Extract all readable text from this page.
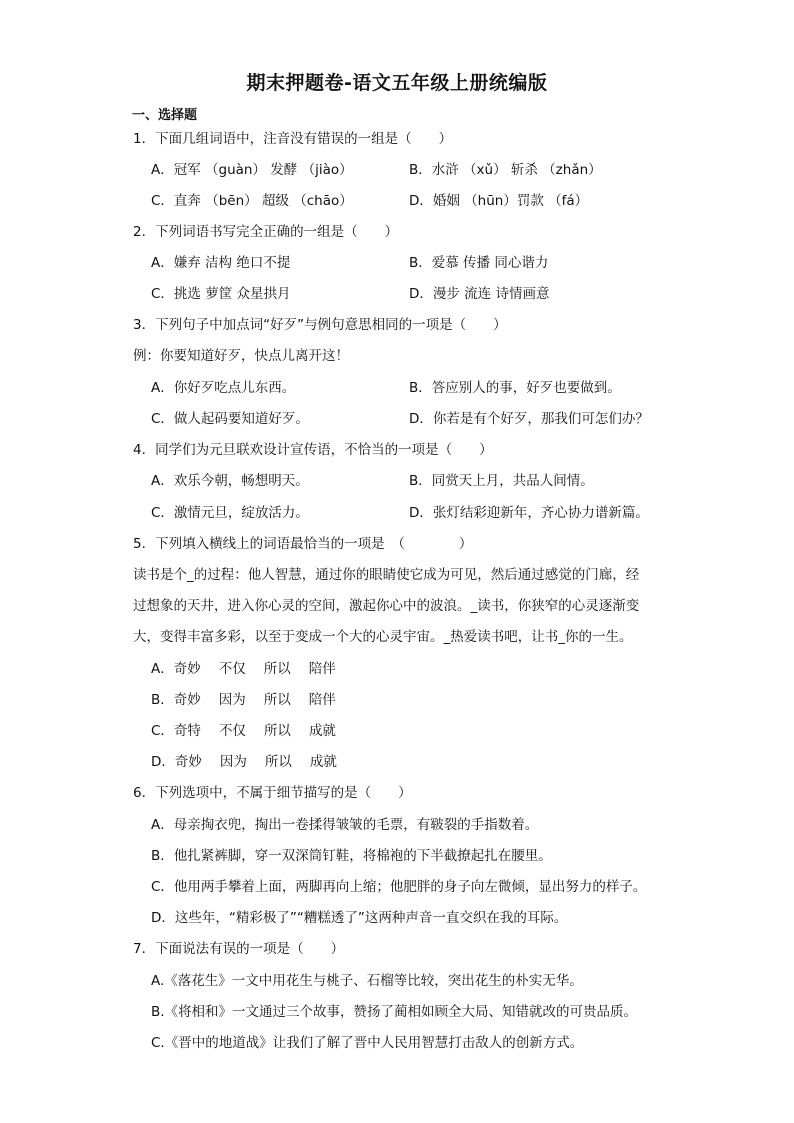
期末押题卷-语文五年级上册统编版
一、选择题
1．下面几组词语中，注音没有错误的一组是（　　）
A．冠军 （guàn） 发酵 （jiào）	B．水浒 （xǔ） 斩杀 （zhǎn）
C．直奔 （bēn） 超级 （chāo）	D．婚姻 （hūn）罚款 （fá）
2．下列词语书写完全正确的一组是（　　）
A．嫌弃 洁构 绝口不提	B．爱慕 传播 同心谐力
C．挑选 萝筐 众星拱月	D．漫步 流连 诗情画意
3．下列句子中加点词“好歹”与例句意思相同的一项是（　　）
例：你要知道好歹，快点儿离开这！
A．你好歹吃点儿东西。	B．答应别人的事，好歹也要做到。
C．做人起码要知道好歹。	D．你若是有个好歹，那我们可怎们办？
4．同学们为元旦联欢设计宣传语，不恰当的一项是（　　）
A．欢乐今朝，畅想明天。	B．同赏天上月，共品人间情。
C．激情元旦，绽放活力。	D．张灯结彩迎新年，齐心协力谱新篇。
5．下列填入横线上的词语最恰当的一项是　（　　　　）
读书是个_的过程：他人智慧，通过你的眼睛使它成为可见，然后通过感觉的门廊，经
过想象的天井，进入你心灵的空间，激起你心中的波浪。_读书，你狭窄的心灵逐渐变
大，变得丰富多彩，以至于变成一个大的心灵宇宙。_热爱读书吧，让书_你的一生。
A．奇妙 不仅 所以 陪伴
B．奇妙 因为 所以 陪伴
C．奇特 不仅 所以 成就
D．奇妙 因为 所以 成就
6．下列选项中，不属于细节描写的是（　　）
A．母亲掏衣兜，掏出一卷揉得皱皱的毛票，有皲裂的手指数着。
B．他扎紧裤脚，穿一双深筒钉鞋，将棉袍的下半截撩起扎在腰里。
C．他用两手攀着上面，两脚再向上缩；他肥胖的身子向左微倾，显出努力的样子。
D．这些年，“精彩极了”“糟糕透了”这两种声音一直交织在我的耳际。
7．下面说法有误的一项是（　　）
A.《落花生》一文中用花生与桃子、石榴等比较，突出花生的朴实无华。
B.《将相和》一文通过三个故事，赞扬了蔺相如顾全大局、知错就改的可贵品质。
C.《晋中的地道战》让我们了解了晋中人民用智慧打击敌人的创新方式。
